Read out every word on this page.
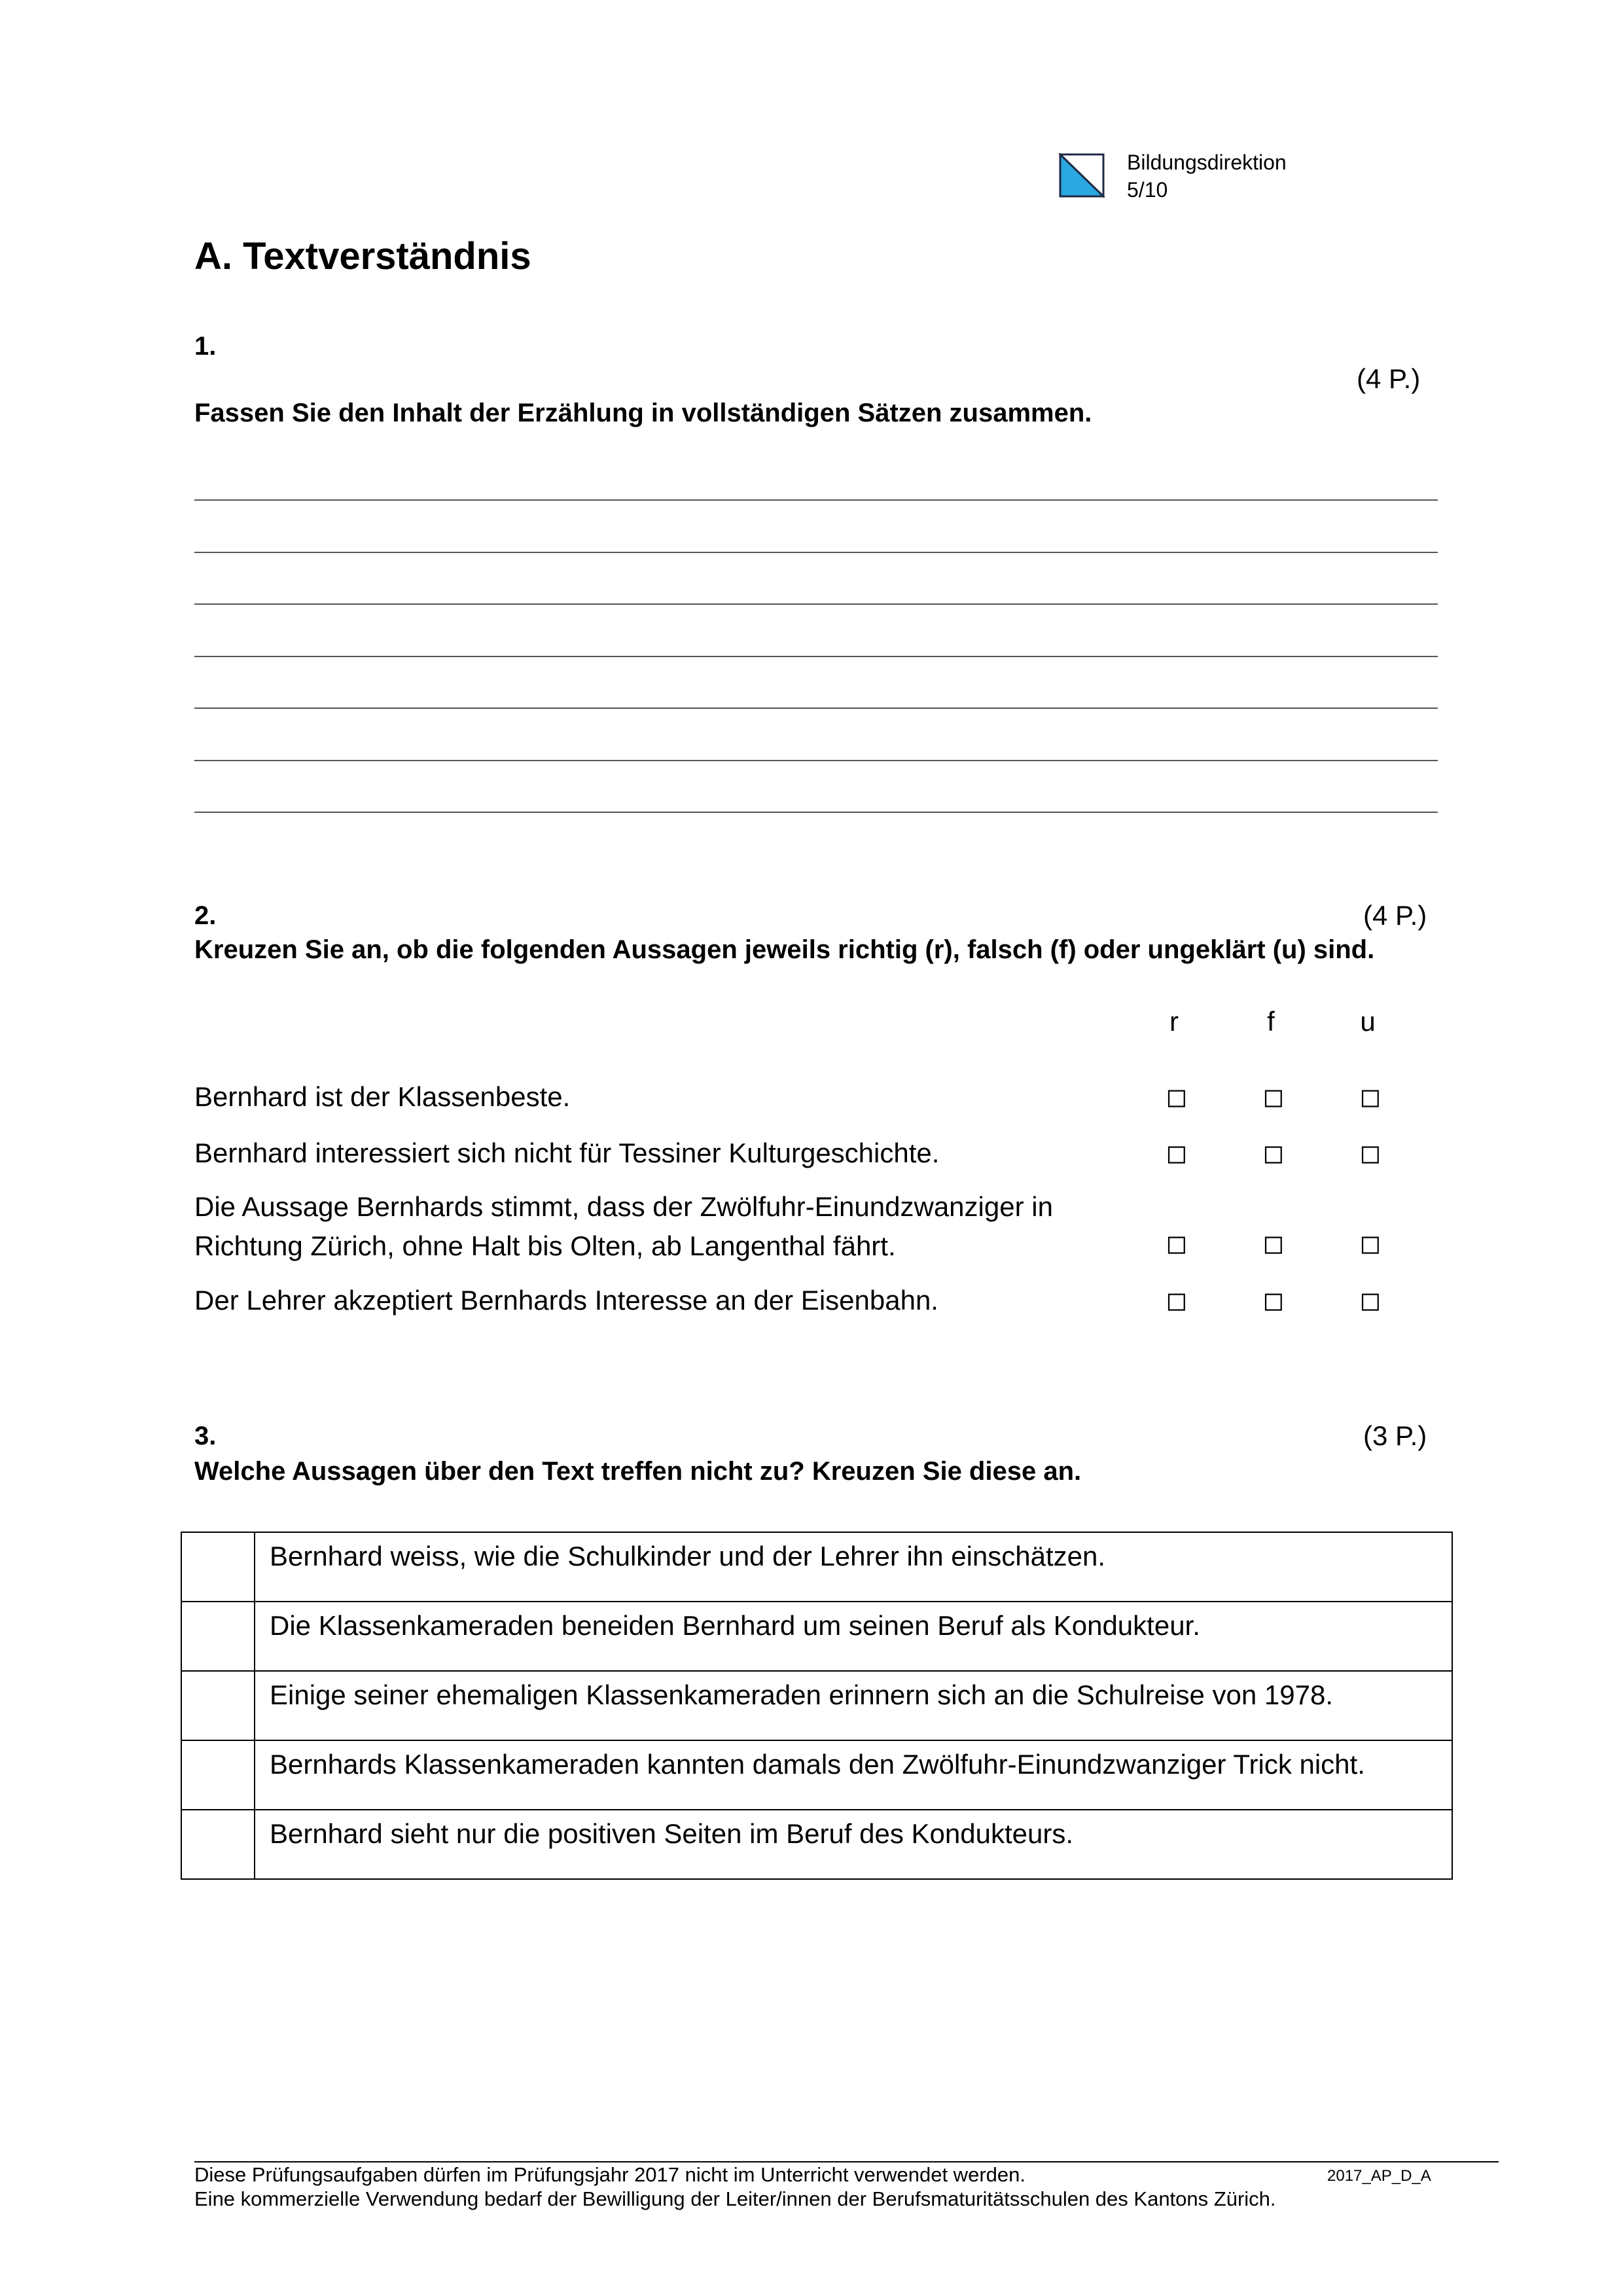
Bildungsdirektion
5/10
A. Textverständnis
1.
(4 P.)
Fassen Sie den Inhalt der Erzählung in vollständigen Sätzen zusammen.
2.	(4 P.)
Kreuzen Sie an, ob die folgenden Aussagen jeweils richtig (r), falsch (f) oder ungeklärt (u) sind.
r	f	u
Bernhard ist der Klassenbeste.	◻	◻	◻
Bernhard interessiert sich nicht für Tessiner Kulturgeschichte.	◻	◻	◻
Die Aussage Bernhards stimmt, dass der Zwölfuhr-Einundzwanziger in Richtung Zürich, ohne Halt bis Olten, ab Langenthal fährt.	◻	◻	◻
Der Lehrer akzeptiert Bernhards Interesse an der Eisenbahn.	◻	◻	◻
3.	(3 P.)
Welche Aussagen über den Text treffen nicht zu? Kreuzen Sie diese an.
	Bernhard weiss, wie die Schulkinder und der Lehrer ihn einschätzen.
	Die Klassenkameraden beneiden Bernhard um seinen Beruf als Kondukteur.
	Einige seiner ehemaligen Klassenkameraden erinnern sich an die Schulreise von 1978.
	Bernhards Klassenkameraden kannten damals den Zwölfuhr-Einundzwanziger Trick nicht.
	Bernhard sieht nur die positiven Seiten im Beruf des Kondukteurs.
Diese Prüfungsaufgaben dürfen im Prüfungsjahr 2017 nicht im Unterricht verwendet werden.	2017_AP_D_A
Eine kommerzielle Verwendung bedarf der Bewilligung der Leiter/innen der Berufsmaturitätsschulen des Kantons Zürich.
